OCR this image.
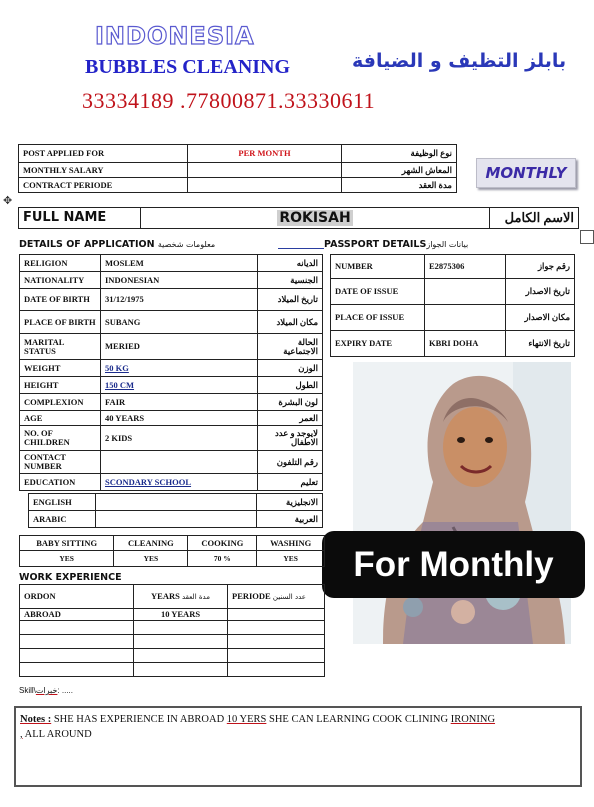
INDONESIA
BUBBLES CLEANING	بابلز التظيف و الضيافة
33334189 .77800871.33330611
POST APPLIED FOR	PER MONTH	نوع الوظيفة
MONTHLY SALARY		المعاش الشهر
CONTRACT PERIODE		مدة العقد
MONTHLY
✥
FULL NAME	ROKISAH	الاسم الكامل
DETAILS OF APPLICATION معلومات شخصية	PASSPORT DETAILSبيانات الجواز
RELIGION	MOSLEM	الديانه
NATIONALITY	INDONESIAN	الجنسية
DATE OF BIRTH	31/12/1975	تاريخ الميلاد
PLACE OF BIRTH	SUBANG	مكان الميلاد
MARITAL STATUS	MERIED	الحالة الاجتماعية
WEIGHT	50 KG	الوزن
HEIGHT	150 CM	الطول
COMPLEXION	FAIR	لون البشرة
AGE	40 YEARS	العمر
NO. OF CHILDREN	2 KIDS	لايوجد و عدد الاطفال
CONTACT NUMBER		رقم التلفون
EDUCATION	SCONDARY SCHOOL	تعليم
ENGLISH		الانجليزية
ARABIC		العربية
NUMBER	E2875306	رقم جواز
DATE OF ISSUE		تاريخ الاصدار
PLACE OF ISSUE		مكان الاصدار
EXPIRY DATE	KBRI DOHA	تاريخ الانتهاء
For Monthly
BABY SITTING	CLEANING	COOKING	WASHING
YES	YES	70 %	YES
WORK EXPERIENCE
ORDON	YEARS مدة العقد	PERIODE عدد السنين
ABROAD	10 YEARS	

Skill\خبرات: .....
Notes : SHE HAS EXPERIENCE IN ABROAD 10 YERS SHE CAN LEARNING COOK CLINING IRONING
, ALL AROUND
